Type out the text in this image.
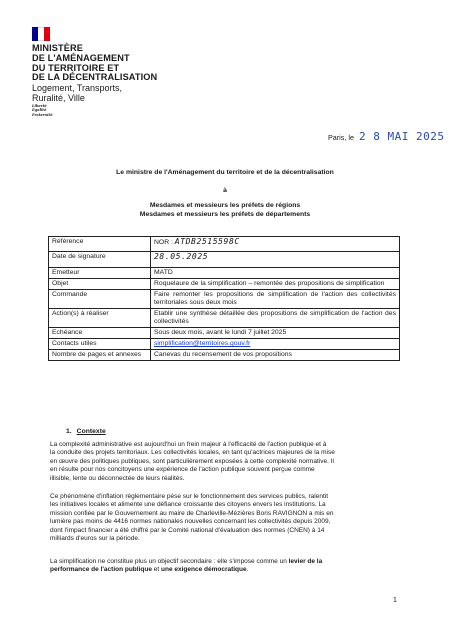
MINISTÈRE
DE L'AMÉNAGEMENT
DU TERRITOIRE ET
DE LA DÉCENTRALISATION
Logement, Transports,
Ruralité, Ville
Liberté
Égalité
Fraternité
Paris, le 2 8 MAI 2025
Le ministre de l'Aménagement du territoire et de la décentralisation
à
Mesdames et messieurs les préfets de régions
Mesdames et messieurs les préfets de départements
Référence	NOR : ATDB2515598C
Date de signature	28.05.2025
Emetteur	MATD
Objet	Roquelaure de la simplification – remontée des propositions de simplification
Commande	Faire remonter les propositions de simplification de l'action des collectivités territoriales sous deux mois
Action(s) à réaliser	Etablir une synthèse détaillée des propositions de simplification de l'action des collectivités
Echéance	Sous deux mois, avant le lundi 7 juillet 2025
Contacts utiles	simplification@territoires.gouv.fr
Nombre de pages et annexes	Canevas du recensement de vos propositions
1. Contexte
La complexité administrative est aujourd'hui un frein majeur à l'efficacité de l'action publique et à
la conduite des projets territoriaux. Les collectivités locales, en tant qu'actrices majeures de la mise
en œuvre des politiques publiques, sont particulièrement exposées à cette complexité normative. Il
en résulte pour nos concitoyens une expérience de l'action publique souvent perçue comme
illisible, lente ou déconnectée de leurs réalités.
Ce phénomène d'inflation réglementaire pèse sur le fonctionnement des services publics, ralentit
les initiatives locales et alimente une défiance croissante des citoyens envers les institutions. La
mission confiée par le Gouvernement au maire de Charleville-Mézières Boris RAVIGNON a mis en
lumière pas moins de 4416 normes nationales nouvelles concernant les collectivités depuis 2009,
dont l'impact financier a été chiffré par le Comité national d'évaluation des normes (CNEN) à 14
milliards d'euros sur la période.
La simplification ne constitue plus un objectif secondaire : elle s'impose comme un levier de la
performance de l'action publique et une exigence démocratique.
1
